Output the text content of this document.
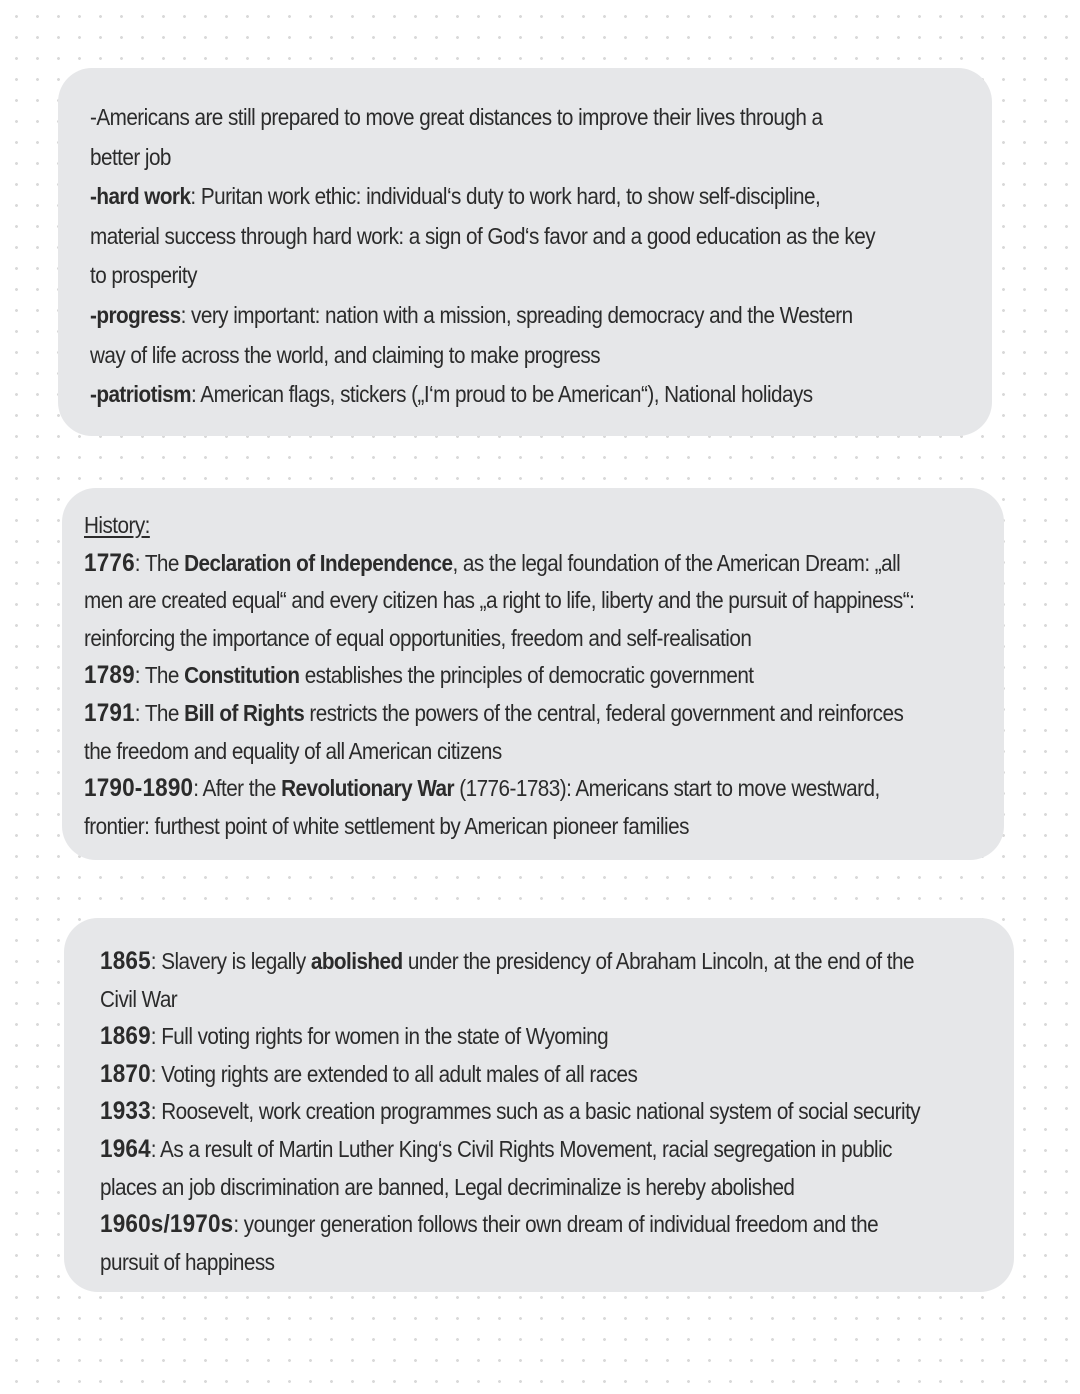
-Americans are still prepared to move great distances to improve their lives through a
better job
-hard work: Puritan work ethic: individual‘s duty to work hard, to show self-discipline,
material success through hard work: a sign of God‘s favor and a good education as the key
to prosperity
-progress: very important: nation with a mission, spreading democracy and the Western
way of life across the world, and claiming to make progress
-patriotism: American flags, stickers („I‘m proud to be American“), National holidays
History:
1776: The Declaration of Independence, as the legal foundation of the American Dream: „all
men are created equal“ and every citizen has „a right to life, liberty and the pursuit of happiness“:
reinforcing the importance of equal opportunities, freedom and self-realisation
1789: The Constitution establishes the principles of democratic government
1791: The Bill of Rights restricts the powers of the central, federal government and reinforces
the freedom and equality of all American citizens
1790-1890: After the Revolutionary War (1776-1783): Americans start to move westward,
frontier: furthest point of white settlement by American pioneer families
1865: Slavery is legally abolished under the presidency of Abraham Lincoln, at the end of the
Civil War
1869: Full voting rights for women in the state of Wyoming
1870: Voting rights are extended to all adult males of all races
1933: Roosevelt, work creation programmes such as a basic national system of social security
1964: As a result of Martin Luther King‘s Civil Rights Movement, racial segregation in public
places an job discrimination are banned, Legal decriminalize is hereby abolished
1960s/1970s: younger generation follows their own dream of individual freedom and the
pursuit of happiness
